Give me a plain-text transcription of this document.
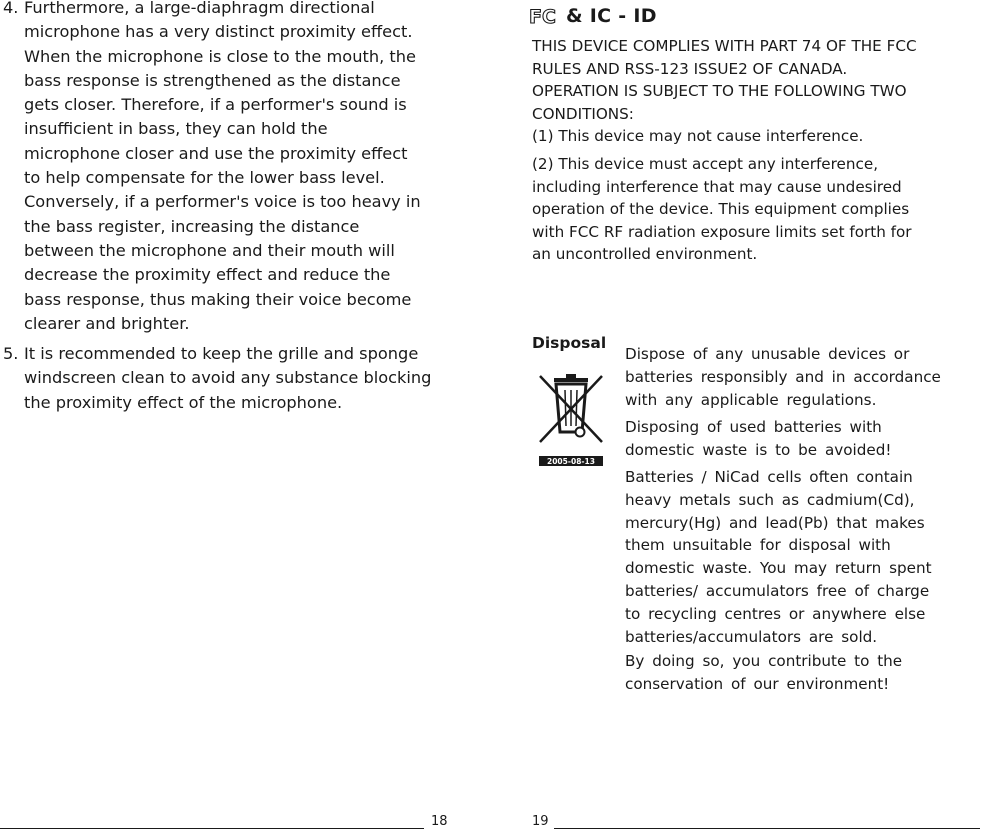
4. Furthermore, a large-diaphragm directional
microphone has a very distinct proximity effect.
When the microphone is close to the mouth, the
bass response is strengthened as the distance
gets closer. Therefore, if a performer's sound is
insufficient in bass, they can hold the
microphone closer and use the proximity effect
to help compensate for the lower bass level.
Conversely, if a performer's voice is too heavy in
the bass register, increasing the distance
between the microphone and their mouth will
decrease the proximity effect and reduce the
bass response, thus making their voice become
clearer and brighter.
5. It is recommended to keep the grille and sponge
windscreen clean to avoid any substance blocking
the proximity effect of the microphone.
18
FC & IC - ID
THIS DEVICE COMPLIES WITH PART 74 OF THE FCC
RULES AND RSS-123 ISSUE2 OF CANADA.
OPERATION IS SUBJECT TO THE FOLLOWING TWO
CONDITIONS:
(1) This device may not cause interference.
(2) This device must accept any interference,
including interference that may cause undesired
operation of the device. This equipment complies
with FCC RF radiation exposure limits set forth for
an uncontrolled environment.
Disposal
2005-08-13
Dispose of any unusable devices or
batteries responsibly and in accordance
with any applicable regulations.
Disposing of used batteries with
domestic waste is to be avoided!
Batteries / NiCad cells often contain
heavy metals such as cadmium(Cd),
mercury(Hg) and lead(Pb) that makes
them unsuitable for disposal with
domestic waste. You may return spent
batteries/ accumulators free of charge
to recycling centres or anywhere else
batteries/accumulators are sold.
By doing so, you contribute to the
conservation of our environment!
19
